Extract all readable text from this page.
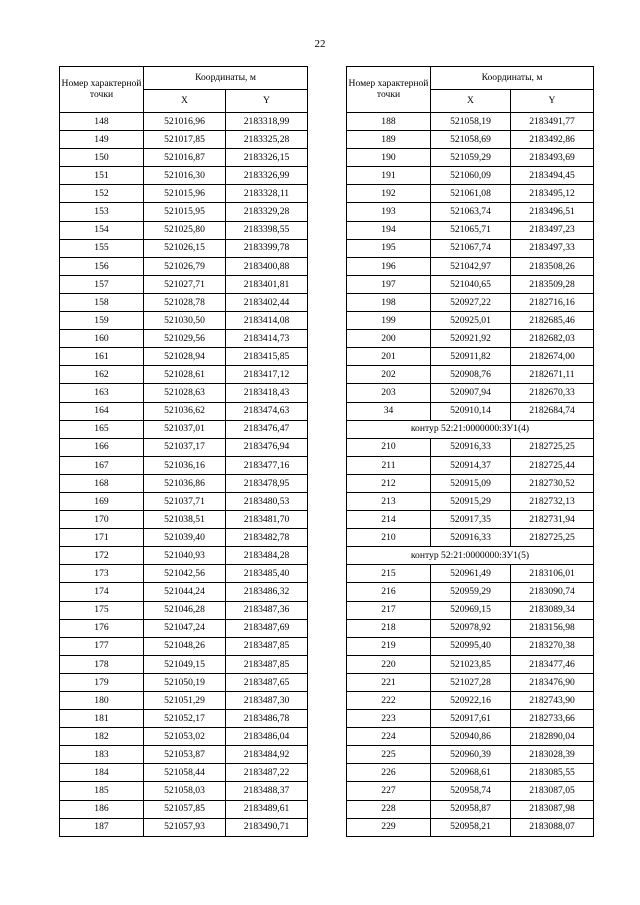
22
Номер характерной точки	Координаты, м	
	X	Y
148	521016,96	2183318,99
149	521017,85	2183325,28
150	521016,87	2183326,15
151	521016,30	2183326,99
152	521015,96	2183328,11
153	521015,95	2183329,28
154	521025,80	2183398,55
155	521026,15	2183399,78
156	521026,79	2183400,88
157	521027,71	2183401,81
158	521028,78	2183402,44
159	521030,50	2183414,08
160	521029,56	2183414,73
161	521028,94	2183415,85
162	521028,61	2183417,12
163	521028,63	2183418,43
164	521036,62	2183474,63
165	521037,01	2183476,47
166	521037,17	2183476,94
167	521036,16	2183477,16
168	521036,86	2183478,95
169	521037,71	2183480,53
170	521038,51	2183481,70
171	521039,40	2183482,78
172	521040,93	2183484,28
173	521042,56	2183485,40
174	521044,24	2183486,32
175	521046,28	2183487,36
176	521047,24	2183487,69
177	521048,26	2183487,85
178	521049,15	2183487,85
179	521050,19	2183487,65
180	521051,29	2183487,30
181	521052,17	2183486,78
182	521053,02	2183486,04
183	521053,87	2183484,92
184	521058,44	2183487,22
185	521058,03	2183488,37
186	521057,85	2183489,61
187	521057,93	2183490,71
Номер характерной точки	Координаты, м	
	X	Y
188	521058,19	2183491,77
189	521058,69	2183492,86
190	521059,29	2183493,69
191	521060,09	2183494,45
192	521061,08	2183495,12
193	521063,74	2183496,51
194	521065,71	2183497,23
195	521067,74	2183497,33
196	521042,97	2183508,26
197	521040,65	2183509,28
198	520927,22	2182716,16
199	520925,01	2182685,46
200	520921,92	2182682,03
201	520911,82	2182674,00
202	520908,76	2182671,11
203	520907,94	2182670,33
34	520910,14	2182684,74
контур 52:21:0000000:ЗУ1(4)		
210	520916,33	2182725,25
211	520914,37	2182725,44
212	520915,09	2182730,52
213	520915,29	2182732,13
214	520917,35	2182731,94
210	520916,33	2182725,25
контур 52:21:0000000:ЗУ1(5)		
215	520961,49	2183106,01
216	520959,29	2183090,74
217	520969,15	2183089,34
218	520978,92	2183156,98
219	520995,40	2183270,38
220	521023,85	2183477,46
221	521027,28	2183476,90
222	520922,16	2182743,90
223	520917,61	2182733,66
224	520940,86	2182890,04
225	520960,39	2183028,39
226	520968,61	2183085,55
227	520958,74	2183087,05
228	520958,87	2183087,98
229	520958,21	2183088,07
